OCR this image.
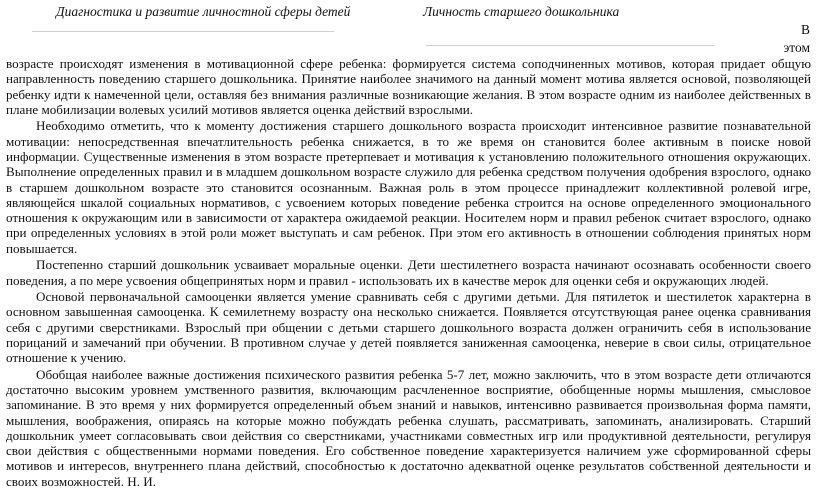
Диагностика и развитие личностной сферы детей	Личность старшего дошкольника
В
этом

возрасте происходят изменения в мотивационной сфере ребенка: формируется система соподчиненных мотивов, которая придает общую направленность поведению старшего дошкольника. Принятие наиболее значимого на данный момент мотива является основой, позволяющей ребенку идти к намеченной цели, оставляя без внимания различные возникающие желания. В этом возрасте одним из наиболее действенных в плане мобилизации волевых усилий мотивов является оценка действий взрослыми.

Необходимо отметить, что к моменту достижения старшего дошкольного возраста происходит интенсивное развитие познавательной мотивации: непосредственная впечатлительность ребенка снижается, в то же время он становится более активным в поиске новой информации. Существенные изменения в этом возрасте претерпевает и мотивация к установлению положительного отношения окружающих. Выполнение определенных правил и в младшем дошкольном возрасте служило для ребенка средством получения одобрения взрослого, однако в старшем дошкольном возрасте это становится осознанным. Важная роль в этом процессе принадлежит коллективной ролевой игре, являющейся шкалой социальных нормативов, с усвоением которых поведение ребенка строится на основе определенного эмоционального отношения к окружающим или в зависимости от характера ожидаемой реакции. Носителем норм и правил ребенок считает взрослого, однако при определенных условиях в этой роли может выступать и сам ребенок. При этом его активность в отношении соблюдения принятых норм повышается.

Постепенно старший дошкольник усваивает моральные оценки. Дети шестилетнего возраста начинают осознавать особенности своего поведения, а по мере усвоения общепринятых норм и правил - использовать их в качестве мерок для оценки себя и окружающих людей.

Основой первоначальной самооценки является умение сравнивать себя с другими детьми. Для пятилеток и шестилеток характерна в основном завышенная самооценка. К семилетнему возрасту она несколько снижается. Появляется отсутствующая ранее оценка сравнивания себя с другими сверстниками. Взрослый при общении с детьми старшего дошкольного возраста должен ограничить себя в использование порицаний и замечаний при обучении. В противном случае у детей появляется заниженная самооценка, неверие в свои силы, отрицательное отношение к учению.

Обобщая наиболее важные достижения психического развития ребенка 5-7 лет, можно заключить, что в этом возрасте дети отличаются достаточно высоким уровнем умственного развития, включающим расчлененное восприятие, обобщенные нормы мышления, смысловое запоминание. В это время у них формируется определенный объем знаний и навыков, интенсивно развивается произвольная форма памяти, мышления, воображения, опираясь на которые можно побуждать ребенка слушать, рассматривать, запоминать, анализировать. Старший дошкольник умеет согласовывать свои действия со сверстниками, участниками совместных игр или продуктивной деятельности, регулируя свои действия с общественными нормами поведения. Его собственное поведение характеризуется наличием уже сформированной сферы мотивов и интересов, внутреннего плана действий, способностью к достаточно адекватной оценке результатов собственной деятельности и своих возможностей. Н. И.
